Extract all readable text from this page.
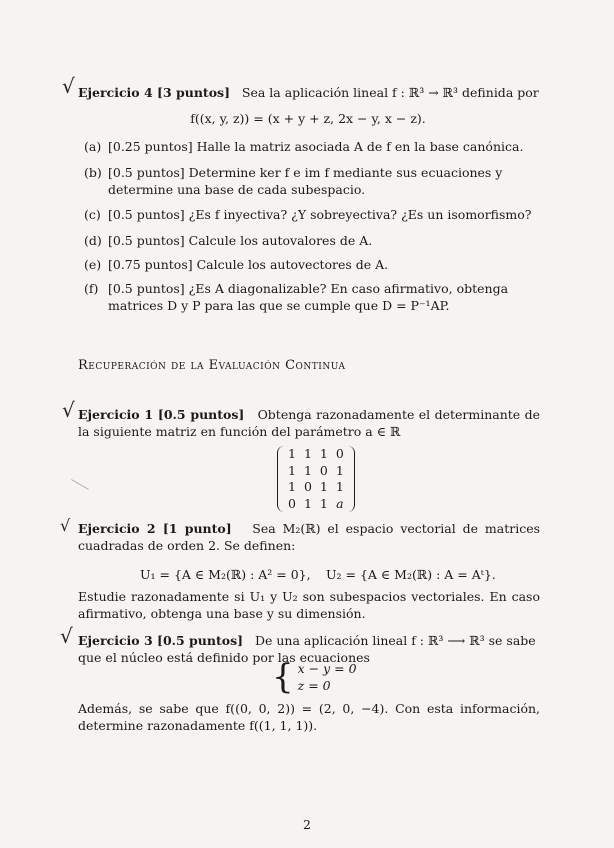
√ Ejercicio 4 [3 puntos] Sea la aplicación lineal f : ℝ³ → ℝ³ definida por
f((x, y, z)) = (x + y + z, 2x − y, x − z).
(a) [0.25 puntos] Halle la matriz asociada A de f en la base canónica.
(b) [0.5 puntos] Determine ker f e im f mediante sus ecuaciones y determine una base de cada subespacio.
(c) [0.5 puntos] ¿Es f inyectiva? ¿Y sobreyectiva? ¿Es un isomorfismo?
(d) [0.5 puntos] Calcule los autovalores de A.
(e) [0.75 puntos] Calcule los autovectores de A.
(f) [0.5 puntos] ¿Es A diagonalizable? En caso afirmativo, obtenga matrices D y P para las que se cumple que D = P⁻¹AP.
Recuperación de la Evaluación Continua
√ Ejercicio 1 [0.5 puntos] Obtenga razonadamente el determinante de la siguiente matriz en función del parámetro a ∈ ℝ
1	1	1	0
1	1	0	1
1	0	1	1
0	1	1	a
√ Ejercicio 2 [1 punto] Sea M₂(ℝ) el espacio vectorial de matrices cuadradas de orden 2. Se definen:
U₁ = {A ∈ M₂(ℝ) : A² = 0}, U₂ = {A ∈ M₂(ℝ) : A = Aᵗ}.
Estudie razonadamente si U₁ y U₂ son subespacios vectoriales. En caso afirmativo, obtenga una base y su dimensión.
√ Ejercicio 3 [0.5 puntos] De una aplicación lineal f : ℝ³ ⟶ ℝ³ se sabe que el núcleo está definido por las ecuaciones
{ x − y = 0
z = 0
Además, se sabe que f((0, 0, 2)) = (2, 0, −4). Con esta información, determine razonadamente f((1, 1, 1)).
2
